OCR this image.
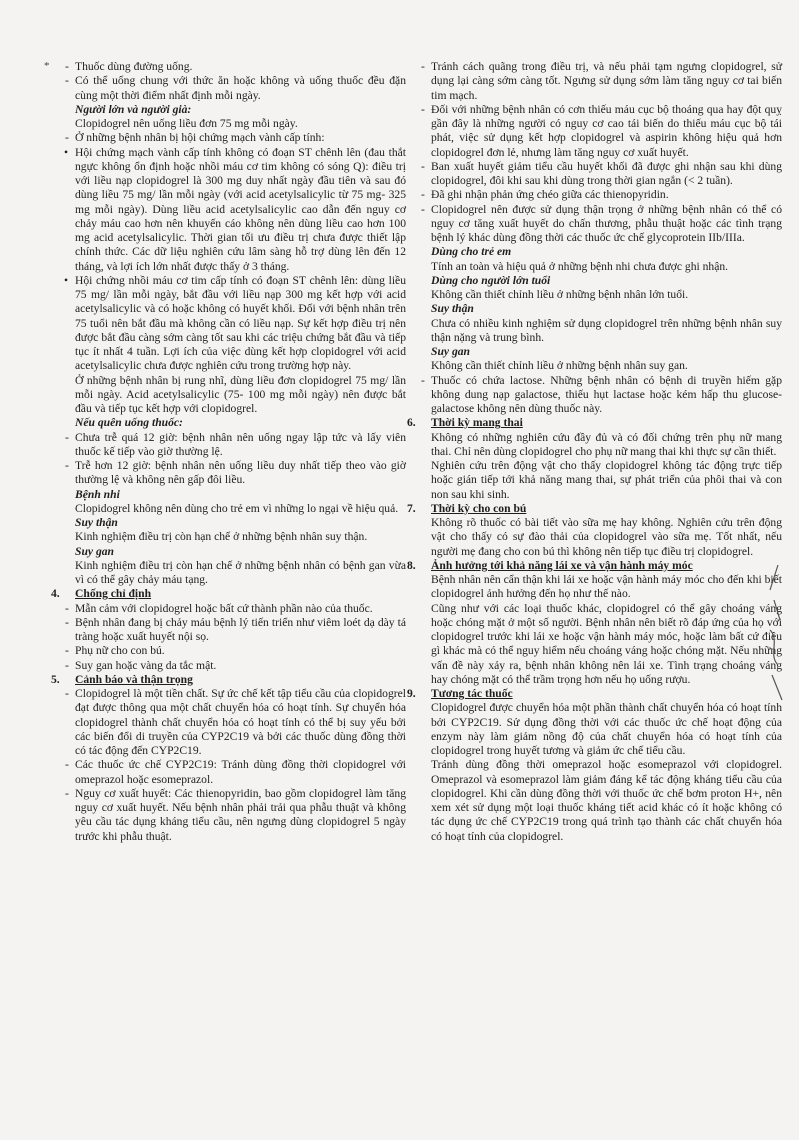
*

-	Thuốc dùng đường uống.

- Có thể uống chung với thức ăn hoặc không và uống thuốc đều đặn cùng một thời điểm nhất định mỗi ngày.

Người lớn và người già:

Clopidogrel nên uống liều đơn 75 mg mỗi ngày.

- Ở những bệnh nhân bị hội chứng mạch vành cấp tính:

• Hội chứng mạch vành cấp tính không có đoạn ST chênh lên (đau thắt ngực không ổn định hoặc nhồi máu cơ tim không có sóng Q): điều trị với liều nạp clopidogrel là 300 mg duy nhất ngày đầu tiên và sau đó dùng liều 75 mg/ lần mỗi ngày (với acid acetylsalicylic từ 75 mg- 325 mg mỗi ngày). Dùng liều acid acetylsalicylic cao dẫn đến nguy cơ chảy máu cao hơn nên khuyến cáo không nên dùng liều cao hơn 100 mg acid acetylsalicylic. Thời gian tối ưu điều trị chưa được thiết lập chính thức. Các dữ liệu nghiên cứu lâm sàng hỗ trợ dùng lên đến 12 tháng, và lợi ích lớn nhất được thấy ở 3 tháng.

• Hội chứng nhồi máu cơ tim cấp tính có đoạn ST chênh lên: dùng liều 75 mg/ lần mỗi ngày, bắt đầu với liều nạp 300 mg kết hợp với acid acetylsalicylic và có hoặc không có huyết khối. Đối với bệnh nhân trên 75 tuổi nên bắt đầu mà không cần có liều nạp. Sự kết hợp điều trị nên được bắt đầu càng sớm càng tốt sau khi các triệu chứng bắt đầu và tiếp tục ít nhất 4 tuần. Lợi ích của việc dùng kết hợp clopidogrel với acid acetylsalicylic chưa được nghiên cứu trong trường hợp này.

Ở những bệnh nhân bị rung nhĩ, dùng liều đơn clopidogrel 75 mg/ lần mỗi ngày. Acid acetylsalicylic (75- 100 mg mỗi ngày) nên được bắt đầu và tiếp tục kết hợp với clopidogrel.

Nếu quên uống thuốc:

- Chưa trễ quá 12 giờ: bệnh nhân nên uống ngay lập tức và lấy viên thuốc kế tiếp vào giờ thường lệ.

- Trễ hơn 12 giờ: bệnh nhân nên uống liều duy nhất tiếp theo vào giờ thường lệ và không nên gấp đôi liều.

Bệnh nhi

Clopidogrel không nên dùng cho trẻ em vì những lo ngại về hiệu quả.

Suy thận

Kinh nghiệm điều trị còn hạn chế ở những bệnh nhân suy thận.

Suy gan

Kinh nghiệm điều trị còn hạn chế ở những bệnh nhân có bệnh gan vừa vì có thể gây chảy máu tạng.

4. Chống chỉ định

- Mẫn cảm với clopidogrel hoặc bất cứ thành phần nào của thuốc.

- Bệnh nhân đang bị chảy máu bệnh lý tiến triển như viêm loét dạ dày tá tràng hoặc xuất huyết nội sọ.

- Phụ nữ cho con bú.

- Suy gan hoặc vàng da tắc mật.

5. Cảnh báo và thận trọng

- Clopidogrel là một tiền chất. Sự ức chế kết tập tiểu cầu của clopidogrel đạt được thông qua một chất chuyển hóa có hoạt tính. Sự chuyển hóa clopidogrel thành chất chuyển hóa có hoạt tính có thể bị suy yếu bởi các biến đổi di truyền của CYP2C19 và bởi các thuốc dùng đồng thời có tác động đến CYP2C19.

- Các thuốc ức chế CYP2C19: Tránh dùng đồng thời clopidogrel với omeprazol hoặc esomeprazol.

- Nguy cơ xuất huyết: Các thienopyridin, bao gồm clopidogrel làm tăng nguy cơ xuất huyết. Nếu bệnh nhân phải trải qua phẫu thuật và không yêu cầu tác dụng kháng tiểu cầu, nên ngưng dùng clopidogrel 5 ngày trước khi phẫu thuật.

- Tránh cách quãng trong điều trị, và nếu phải tạm ngưng clopidogrel, sử dụng lại càng sớm càng tốt. Ngưng sử dụng sớm làm tăng nguy cơ tai biến tim mạch.

- Đối với những bệnh nhân có cơn thiếu máu cục bộ thoáng qua hay đột quỵ gần đây là những người có nguy cơ cao tái biến do thiếu máu cục bộ tái phát, việc sử dụng kết hợp clopidogrel và aspirin không hiệu quả hơn clopidogrel đơn lẻ, nhưng làm tăng nguy cơ xuất huyết.

- Ban xuất huyết giảm tiểu cầu huyết khối đã được ghi nhận sau khi dùng clopidogrel, đôi khi sau khi dùng trong thời gian ngắn (< 2 tuần).

- Đã ghi nhận phản ứng chéo giữa các thienopyridin.

- Clopidogrel nên được sử dụng thận trọng ở những bệnh nhân có thể có nguy cơ tăng xuất huyết do chấn thương, phẫu thuật hoặc các tình trạng bệnh lý khác dùng đồng thời các thuốc ức chế glycoprotein IIb/IIIa.

Dùng cho trẻ em

Tính an toàn và hiệu quả ở những bệnh nhi chưa được ghi nhận.

Dùng cho người lớn tuổi

Không cần thiết chỉnh liều ở những bệnh nhân lớn tuổi.

Suy thận

Chưa có nhiều kinh nghiệm sử dụng clopidogrel trên những bệnh nhân suy thận nặng và trung bình.

Suy gan

Không cần thiết chỉnh liều ở những bệnh nhân suy gan.

- Thuốc có chứa lactose. Những bệnh nhân có bệnh di truyền hiếm gặp không dung nạp galactose, thiếu hụt lactase hoặc kém hấp thu glucose-galactose không nên dùng thuốc này.

6. Thời kỳ mang thai

Không có những nghiên cứu đầy đủ và có đối chứng trên phụ nữ mang thai. Chỉ nên dùng clopidogrel cho phụ nữ mang thai khi thực sự cần thiết.

Nghiên cứu trên động vật cho thấy clopidogrel không tác động trực tiếp hoặc gián tiếp tới khả năng mang thai, sự phát triển của phôi thai và con non sau khi sinh.

7. Thời kỳ cho con bú

Không rõ thuốc có bài tiết vào sữa mẹ hay không. Nghiên cứu trên động vật cho thấy có sự đào thải của clopidogrel vào sữa mẹ. Tốt nhất, nếu người mẹ đang cho con bú thì không nên tiếp tục điều trị clopidogrel.

8. Ảnh hưởng tới khả năng lái xe và vận hành máy móc

Bệnh nhân nên cẩn thận khi lái xe hoặc vận hành máy móc cho đến khi biết clopidogrel ảnh hưởng đến họ như thế nào.

Cũng như với các loại thuốc khác, clopidogrel có thể gây choáng váng hoặc chóng mặt ở một số người. Bệnh nhân nên biết rõ đáp ứng của họ với clopidogrel trước khi lái xe hoặc vận hành máy móc, hoặc làm bất cứ điều gì khác mà có thể nguy hiểm nếu choáng váng hoặc chóng mặt. Nếu những vấn đề này xảy ra, bệnh nhân không nên lái xe. Tình trạng choáng váng hay chóng mặt có thể trầm trọng hơn nếu họ uống rượu.

9. Tương tác thuốc

Clopidogrel được chuyển hóa một phần thành chất chuyển hóa có hoạt tính bởi CYP2C19. Sử dụng đồng thời với các thuốc ức chế hoạt động của enzym này làm giảm nồng độ của chất chuyển hóa có hoạt tính của clopidogrel trong huyết tương và giảm ức chế tiểu cầu.

Tránh dùng đồng thời omeprazol hoặc esomeprazol với clopidogrel. Omeprazol và esomeprazol làm giảm đáng kể tác động kháng tiểu cầu của clopidogrel. Khi cần dùng đồng thời với thuốc ức chế bơm proton H+, nên xem xét sử dụng một loại thuốc kháng tiết acid khác có ít hoặc không có tác dụng ức chế CYP2C19 trong quá trình tạo thành các chất chuyển hóa có hoạt tính của clopidogrel.
